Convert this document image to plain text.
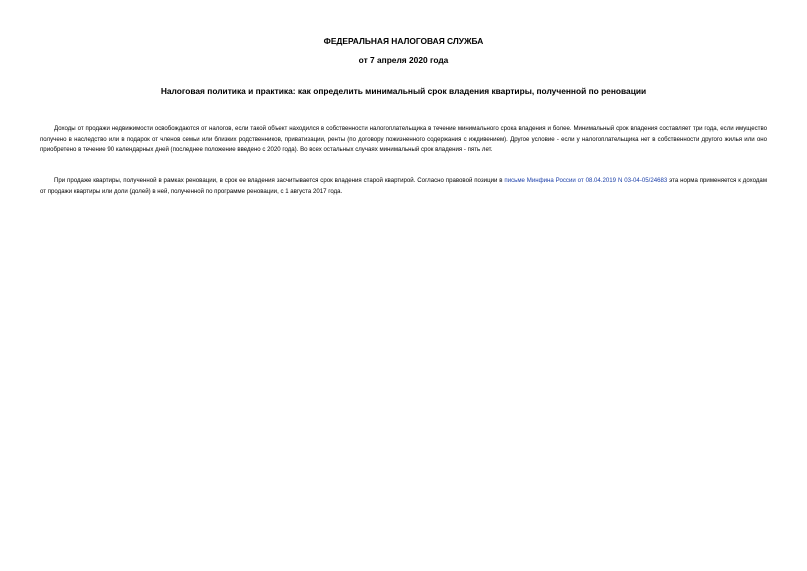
ФЕДЕРАЛЬНАЯ НАЛОГОВАЯ СЛУЖБА
от 7 апреля 2020 года
Налоговая политика и практика: как определить минимальный срок владения квартиры, полученной по реновации

Доходы от продажи недвижимости освобождаются от налогов, если такой объект находился в собственности налогоплательщика в течение минимального срока владения и более. Минимальный срок владения составляет три года, если имущество получено в наследство или в подарок от членов семьи или близких родственников, приватизации, ренты (по договору пожизненного содержания с иждивением). Другое условие - если у налогоплательщика нет в собственности другого жилья или оно приобретено в течение 90 календарных дней (последнее положение введено с 2020 года). Во всех остальных случаях минимальный срок владения - пять лет.

При продаже квартиры, полученной в рамках реновации, в срок ее владения засчитывается срок владения старой квартирой. Согласно правовой позиции в письме Минфина России от 08.04.2019 N 03-04-05/24683 эта норма применяется к доходам от продажи квартиры или доли (долей) в ней, полученной по программе реновации, с 1 августа 2017 года.
